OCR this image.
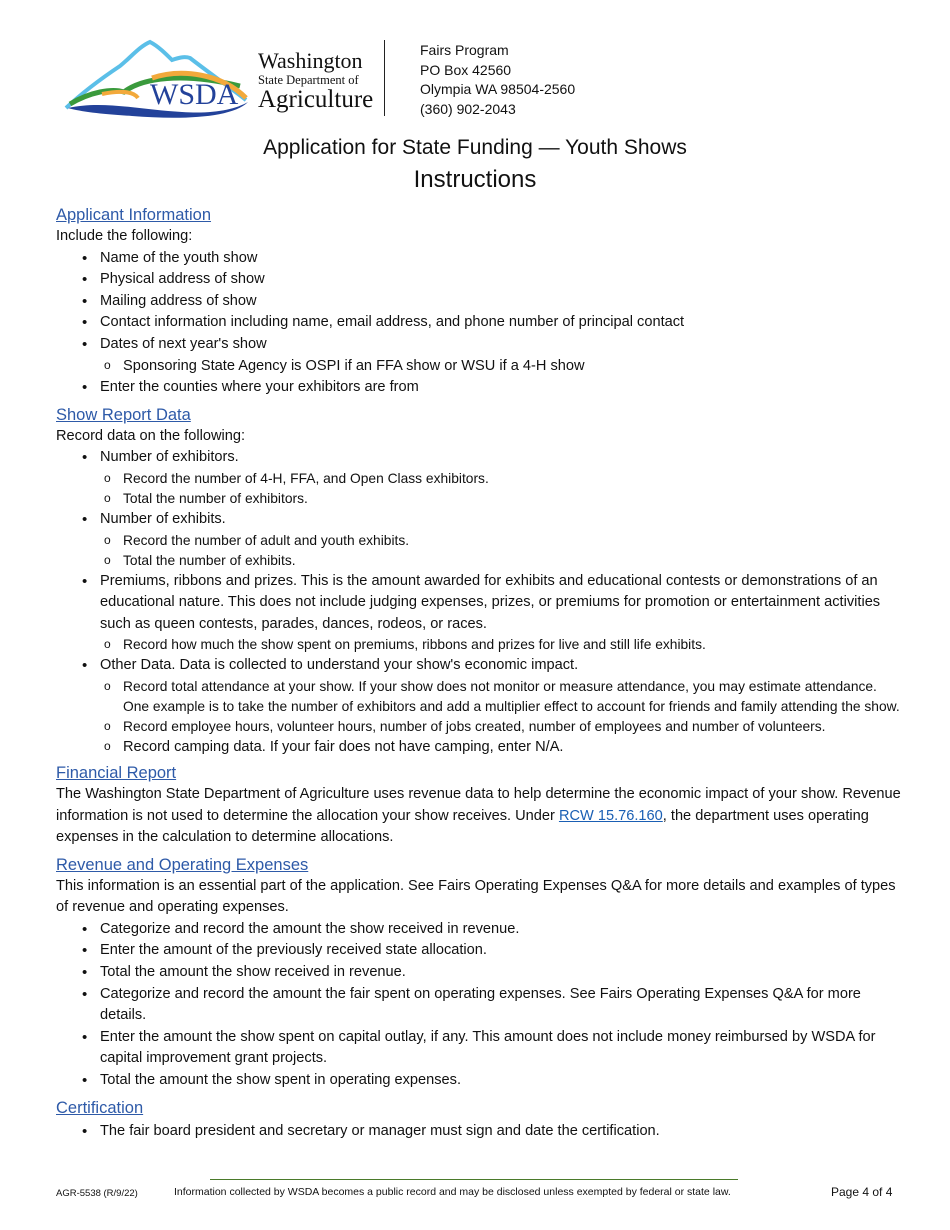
WSDA
Washington
State Department of
Agriculture
Fairs Program
PO Box 42560
Olympia WA 98504-2560
(360) 902-2043
Application for State Funding — Youth Shows
Instructions
Applicant Information

Include the following:

• Name of the youth show
• Physical address of show
• Mailing address of show
• Contact information including name, email address, and phone number of principal contact
• Dates of next year's show
o Sponsoring State Agency is OSPI if an FFA show or WSU if a 4-H show
• Enter the counties where your exhibitors are from
Show Report Data

Record data on the following:

• Number of exhibitors.
o Record the number of 4-H, FFA, and Open Class exhibitors.
o Total the number of exhibitors.
• Number of exhibits.
o Record the number of adult and youth exhibits.
o Total the number of exhibits.
• Premiums, ribbons and prizes. This is the amount awarded for exhibits and educational contests or demonstrations of an educational nature. This does not include judging expenses, prizes, or premiums for promotion or entertainment activities such as queen contests, parades, dances, rodeos, or races.
o Record how much the show spent on premiums, ribbons and prizes for live and still life exhibits.
• Other Data. Data is collected to understand your show's economic impact.
o Record total attendance at your show. If your show does not monitor or measure attendance, you may estimate attendance. One example is to take the number of exhibitors and add a multiplier effect to account for friends and family attending the show.
o Record employee hours, volunteer hours, number of jobs created, number of employees and number of volunteers.
o Record camping data. If your fair does not have camping, enter N/A.
Financial Report

The Washington State Department of Agriculture uses revenue data to help determine the economic impact of your show. Revenue information is not used to determine the allocation your show receives. Under RCW 15.76.160, the department uses operating expenses in the calculation to determine allocations.

Revenue and Operating Expenses

This information is an essential part of the application. See Fairs Operating Expenses Q&A for more details and examples of types of revenue and operating expenses.

• Categorize and record the amount the show received in revenue.
• Enter the amount of the previously received state allocation.
• Total the amount the show received in revenue.
• Categorize and record the amount the fair spent on operating expenses. See Fairs Operating Expenses Q&A for more details.
• Enter the amount the show spent on capital outlay, if any. This amount does not include money reimbursed by WSDA for capital improvement grant projects.
• Total the amount the show spent in operating expenses.
Certification
• The fair board president and secretary or manager must sign and date the certification.
AGR-5538 (R/9/22)	Information collected by WSDA becomes a public record and may be disclosed unless exempted by federal or state law.	Page 4 of 4
